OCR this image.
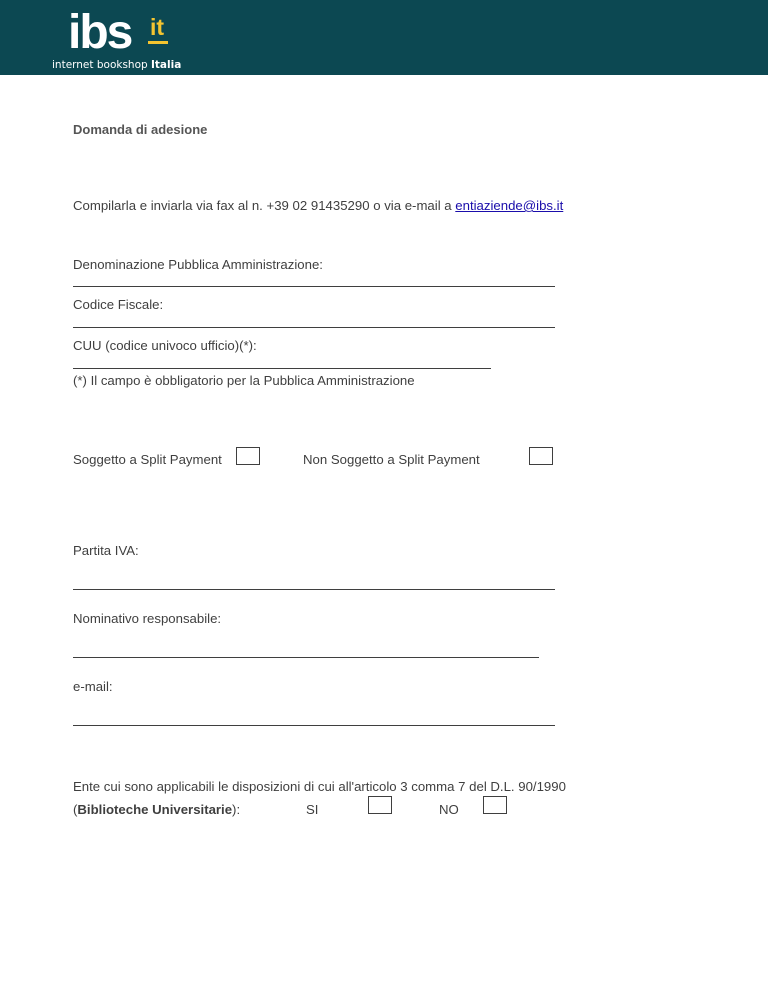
ibs it
internet bookshop Italia
Domanda di adesione
Compilarla e inviarla via fax al n. +39 02 91435290 o via e-mail a entiaziende@ibs.it
Denominazione Pubblica Amministrazione:
Codice Fiscale:
CUU (codice univoco ufficio)(*):
(*) Il campo è obbligatorio per la Pubblica Amministrazione
Soggetto a Split Payment	Non Soggetto a Split Payment
Partita IVA:
Nominativo responsabile:
e-mail:
Ente cui sono applicabili le disposizioni di cui all'articolo 3 comma 7 del D.L. 90/1990
(Biblioteche Universitarie):	SI	NO
